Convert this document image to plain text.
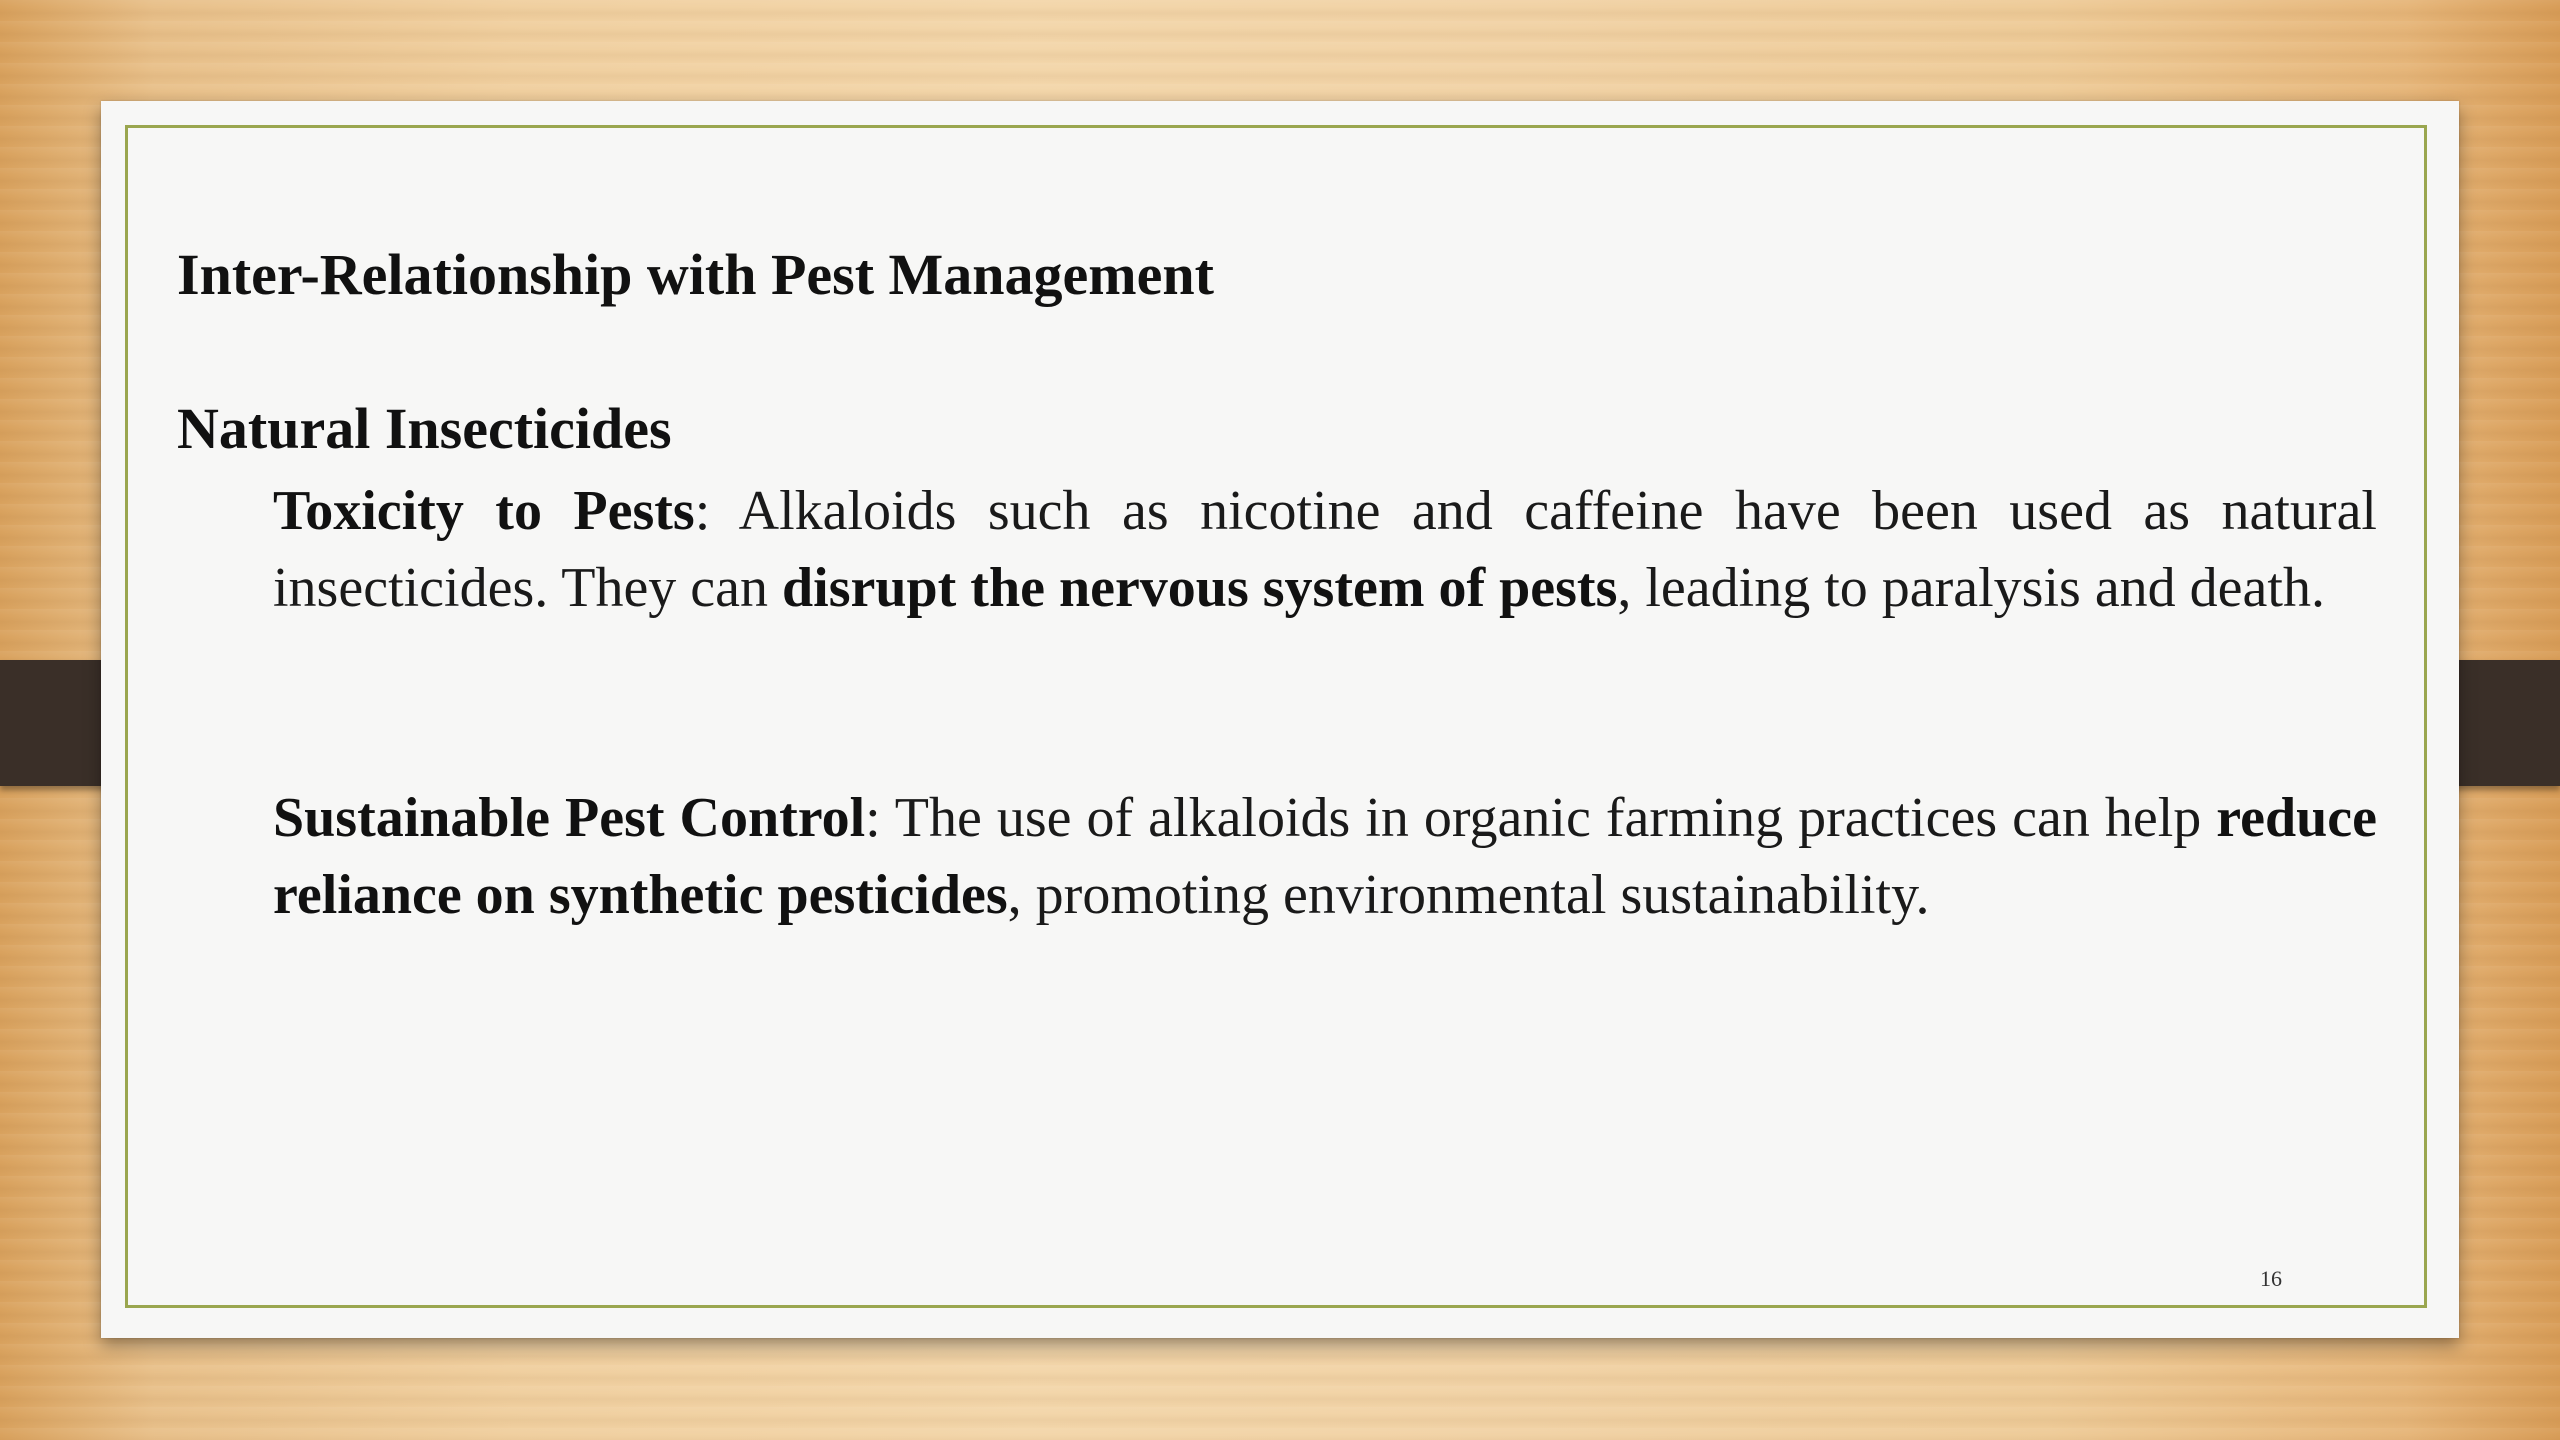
Inter-Relationship with Pest Management
Natural Insecticides

Toxicity to Pests: Alkaloids such as nicotine and caffeine have been used as natural insecticides. They can disrupt the nervous system of pests, leading to paralysis and death.

Sustainable Pest Control: The use of alkaloids in organic farming practices can help reduce reliance on synthetic pesticides, promoting environmental sustainability.

16
